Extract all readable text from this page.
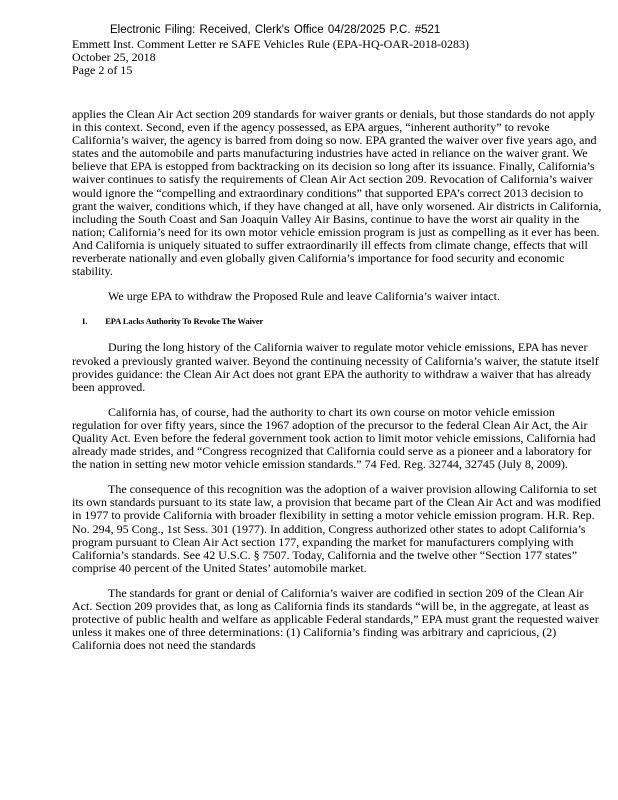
Electronic Filing: Received, Clerk's Office 04/28/2025 P.C. #521
Emmett Inst. Comment Letter re SAFE Vehicles Rule (EPA-HQ-OAR-2018-0283)
October 25, 2018
Page 2 of 15

applies the Clean Air Act section 209 standards for waiver grants or denials, but those standards do not apply in this context. Second, even if the agency possessed, as EPA argues, “inherent authority” to revoke California’s waiver, the agency is barred from doing so now. EPA granted the waiver over five years ago, and states and the automobile and parts manufacturing industries have acted in reliance on the waiver grant. We believe that EPA is estopped from backtracking on its decision so long after its issuance. Finally, California’s waiver continues to satisfy the requirements of Clean Air Act section 209. Revocation of California’s waiver would ignore the “compelling and extraordinary conditions” that supported EPA’s correct 2013 decision to grant the waiver, conditions which, if they have changed at all, have only worsened. Air districts in California, including the South Coast and San Joaquin Valley Air Basins, continue to have the worst air quality in the nation; California’s need for its own motor vehicle emission program is just as compelling as it ever has been. And California is uniquely situated to suffer extraordinarily ill effects from climate change, effects that will reverberate nationally and even globally given California’s importance for food security and economic stability.

We urge EPA to withdraw the Proposed Rule and leave California’s waiver intact.

I. EPA Lacks Authority To Revoke The Waiver

During the long history of the California waiver to regulate motor vehicle emissions, EPA has never revoked a previously granted waiver. Beyond the continuing necessity of California’s waiver, the statute itself provides guidance: the Clean Air Act does not grant EPA the authority to withdraw a waiver that has already been approved.

California has, of course, had the authority to chart its own course on motor vehicle emission regulation for over fifty years, since the 1967 adoption of the precursor to the federal Clean Air Act, the Air Quality Act. Even before the federal government took action to limit motor vehicle emissions, California had already made strides, and “Congress recognized that California could serve as a pioneer and a laboratory for the nation in setting new motor vehicle emission standards.” 74 Fed. Reg. 32744, 32745 (July 8, 2009).

The consequence of this recognition was the adoption of a waiver provision allowing California to set its own standards pursuant to its state law, a provision that became part of the Clean Air Act and was modified in 1977 to provide California with broader flexibility in setting a motor vehicle emission program. H.R. Rep. No. 294, 95 Cong., 1st Sess. 301 (1977). In addition, Congress authorized other states to adopt California’s program pursuant to Clean Air Act section 177, expanding the market for manufacturers complying with California’s standards. See 42 U.S.C. § 7507. Today, California and the twelve other “Section 177 states” comprise 40 percent of the United States’ automobile market.

The standards for grant or denial of California’s waiver are codified in section 209 of the Clean Air Act. Section 209 provides that, as long as California finds its standards “will be, in the aggregate, at least as protective of public health and welfare as applicable Federal standards,” EPA must grant the requested waiver unless it makes one of three determinations: (1) California’s finding was arbitrary and capricious, (2) California does not need the standards
